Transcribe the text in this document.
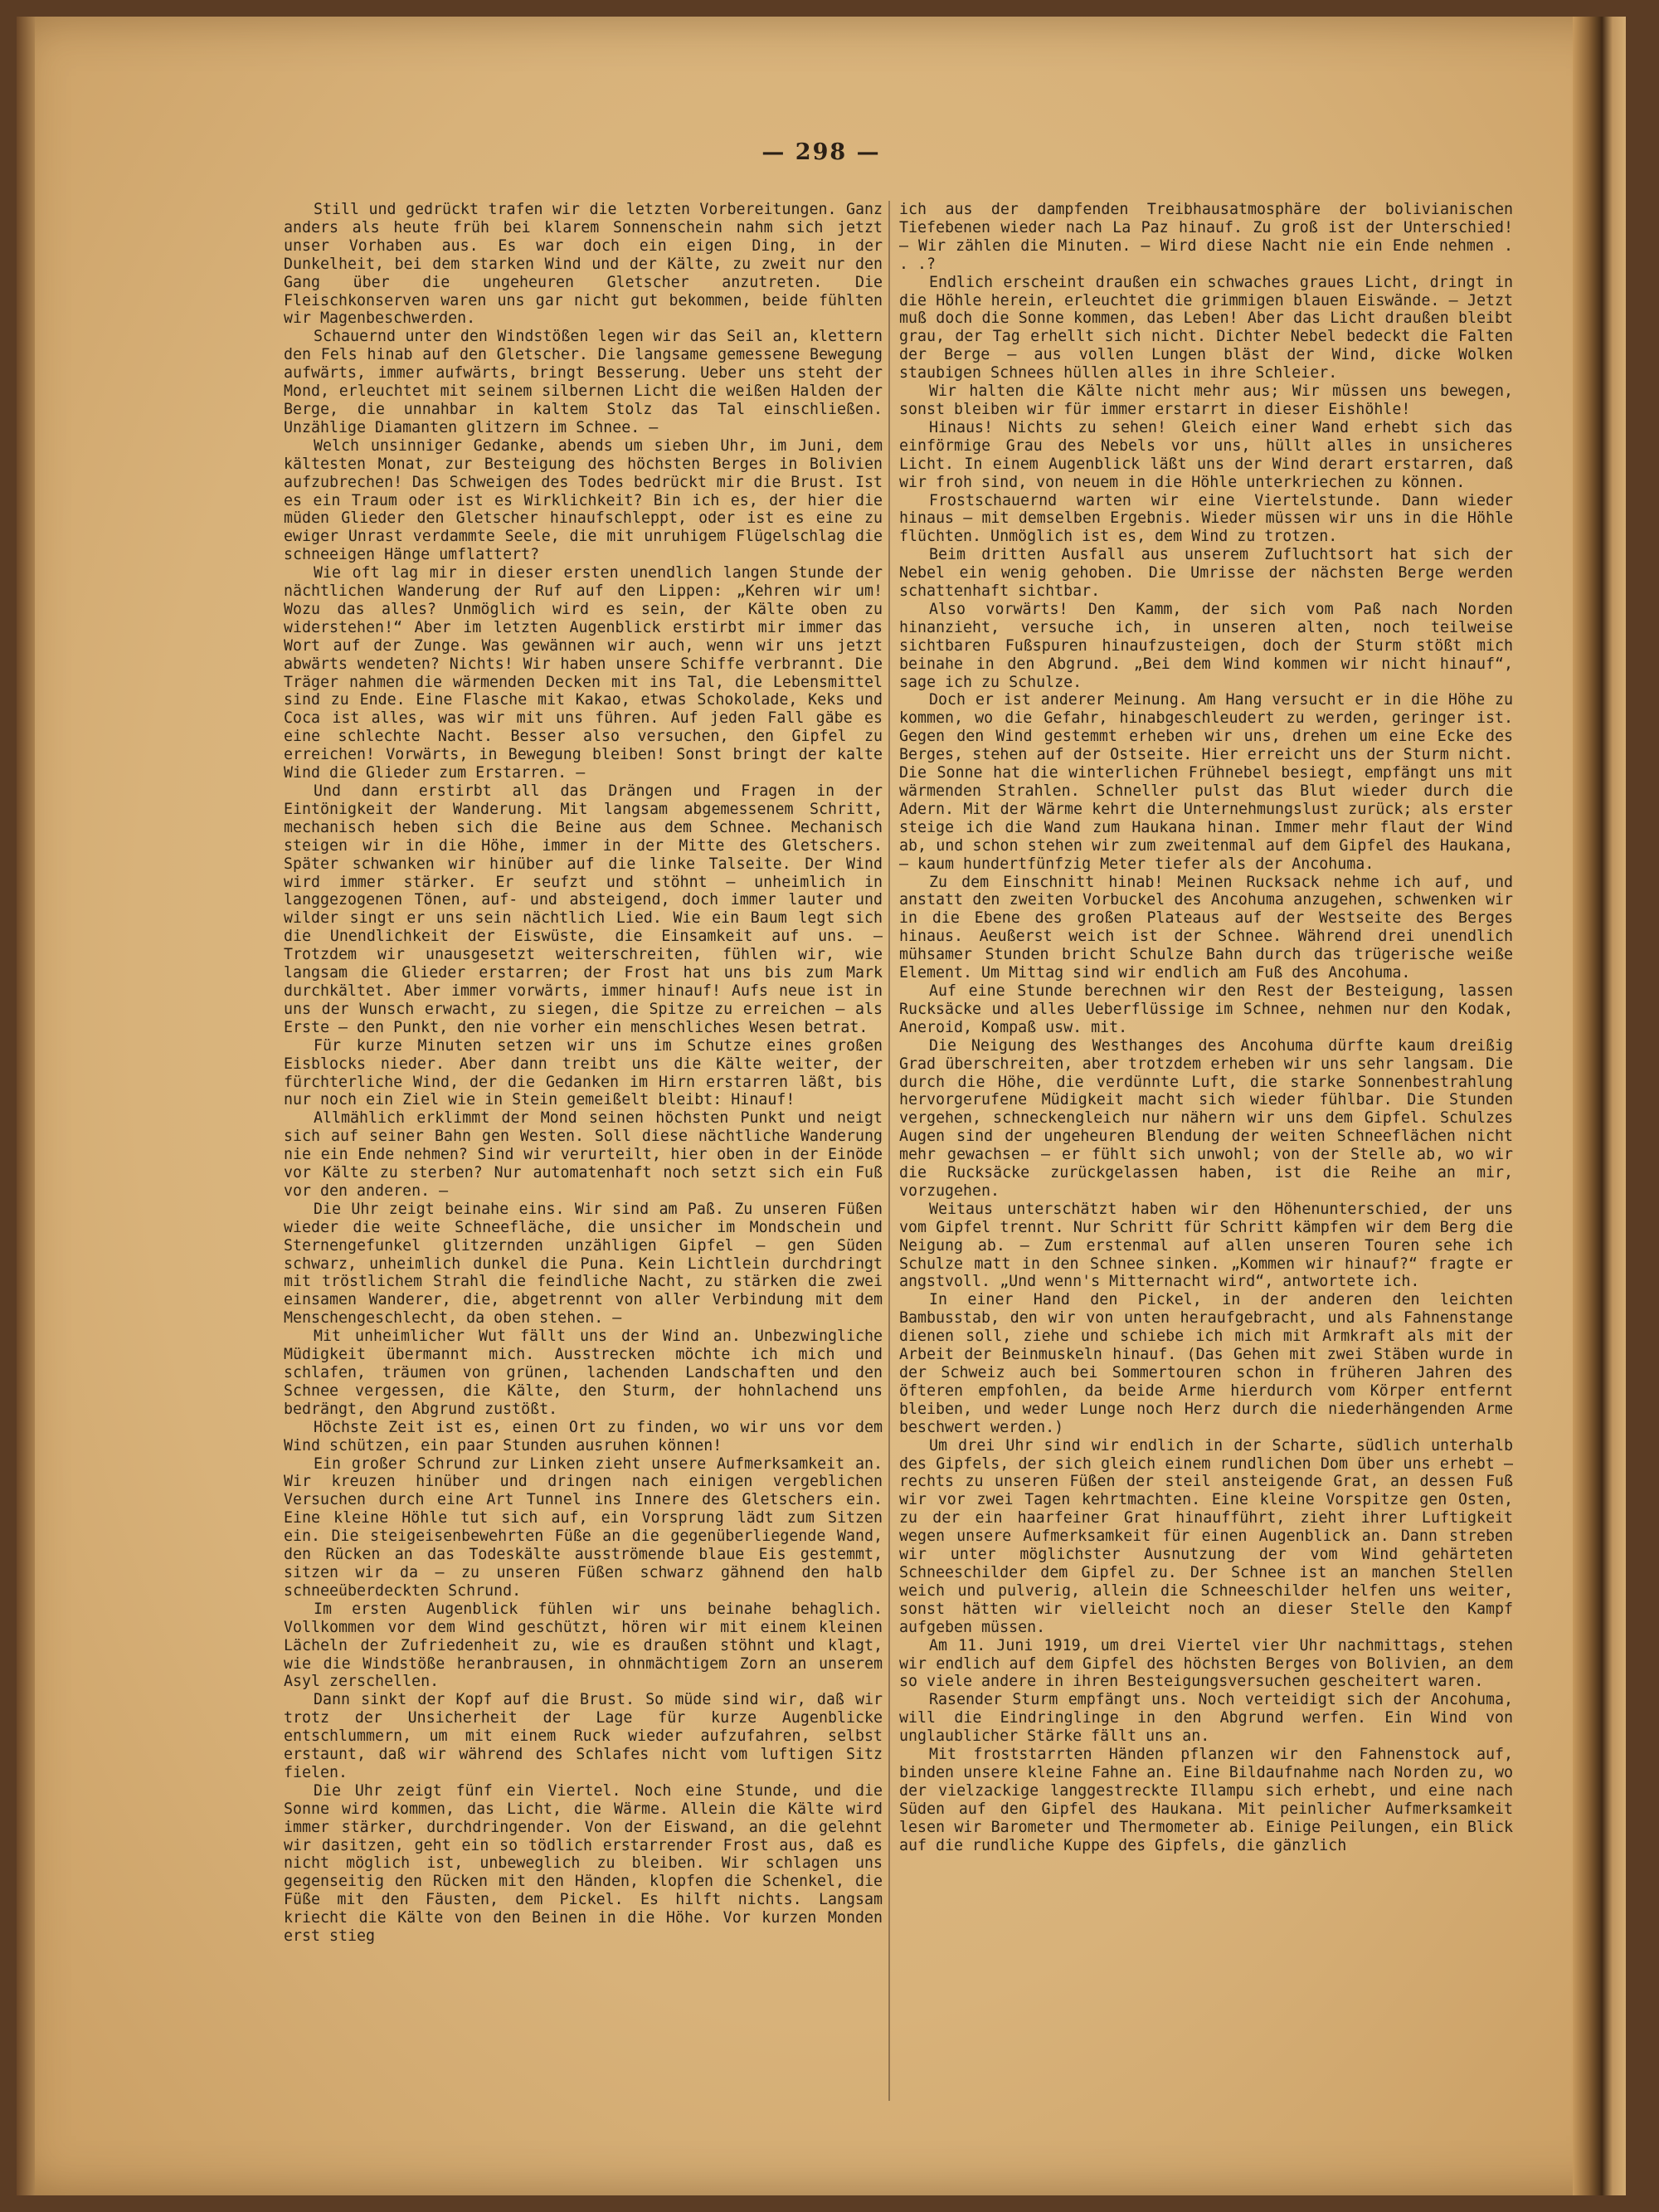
— 298 —

Still und gedrückt trafen wir die letzten Vorbereitungen. Ganz anders als heute früh bei klarem Sonnenschein nahm sich jetzt unser Vorhaben aus. Es war doch ein eigen Ding, in der Dunkelheit, bei dem starken Wind und der Kälte, zu zweit nur den Gang über die ungeheuren Gletscher anzutreten. Die Fleischkonserven waren uns gar nicht gut bekommen, beide fühlten wir Magenbeschwerden.

Schauernd unter den Windstößen legen wir das Seil an, klettern den Fels hinab auf den Gletscher. Die langsame gemessene Bewegung aufwärts, immer aufwärts, bringt Besserung. Ueber uns steht der Mond, erleuchtet mit seinem silbernen Licht die weißen Halden der Berge, die unnahbar in kaltem Stolz das Tal einschließen. Unzählige Diamanten glitzern im Schnee. —

Welch unsinniger Gedanke, abends um sieben Uhr, im Juni, dem kältesten Monat, zur Besteigung des höchsten Berges in Bolivien aufzubrechen! Das Schweigen des Todes bedrückt mir die Brust. Ist es ein Traum oder ist es Wirklichkeit? Bin ich es, der hier die müden Glieder den Gletscher hinaufschleppt, oder ist es eine zu ewiger Unrast verdammte Seele, die mit unruhigem Flügelschlag die schneeigen Hänge umflattert?

Wie oft lag mir in dieser ersten unendlich langen Stunde der nächtlichen Wanderung der Ruf auf den Lippen: „Kehren wir um! Wozu das alles? Unmöglich wird es sein, der Kälte oben zu widerstehen!“ Aber im letzten Augenblick erstirbt mir immer das Wort auf der Zunge. Was gewännen wir auch, wenn wir uns jetzt abwärts wendeten? Nichts! Wir haben unsere Schiffe verbrannt. Die Träger nahmen die wärmenden Decken mit ins Tal, die Lebensmittel sind zu Ende. Eine Flasche mit Kakao, etwas Schokolade, Keks und Coca ist alles, was wir mit uns führen. Auf jeden Fall gäbe es eine schlechte Nacht. Besser also versuchen, den Gipfel zu erreichen! Vorwärts, in Bewegung bleiben! Sonst bringt der kalte Wind die Glieder zum Erstarren. —

Und dann erstirbt all das Drängen und Fragen in der Eintönigkeit der Wanderung. Mit langsam abgemessenem Schritt, mechanisch heben sich die Beine aus dem Schnee. Mechanisch steigen wir in die Höhe, immer in der Mitte des Gletschers. Später schwanken wir hinüber auf die linke Talseite. Der Wind wird immer stärker. Er seufzt und stöhnt — unheimlich in langgezogenen Tönen, auf- und absteigend, doch immer lauter und wilder singt er uns sein nächtlich Lied. Wie ein Baum legt sich die Unendlichkeit der Eiswüste, die Einsamkeit auf uns. — Trotzdem wir unausgesetzt weiterschreiten, fühlen wir, wie langsam die Glieder erstarren; der Frost hat uns bis zum Mark durchkältet. Aber immer vorwärts, immer hinauf! Aufs neue ist in uns der Wunsch erwacht, zu siegen, die Spitze zu erreichen — als Erste — den Punkt, den nie vorher ein menschliches Wesen betrat.

Für kurze Minuten setzen wir uns im Schutze eines großen Eisblocks nieder. Aber dann treibt uns die Kälte weiter, der fürchterliche Wind, der die Gedanken im Hirn erstarren läßt, bis nur noch ein Ziel wie in Stein gemeißelt bleibt: Hinauf!

Allmählich erklimmt der Mond seinen höchsten Punkt und neigt sich auf seiner Bahn gen Westen. Soll diese nächtliche Wanderung nie ein Ende nehmen? Sind wir verurteilt, hier oben in der Einöde vor Kälte zu sterben? Nur automatenhaft noch setzt sich ein Fuß vor den anderen. —

Die Uhr zeigt beinahe eins. Wir sind am Paß. Zu unseren Füßen wieder die weite Schneefläche, die unsicher im Mondschein und Sternengefunkel glitzernden unzähligen Gipfel — gen Süden schwarz, unheimlich dunkel die Puna. Kein Lichtlein durchdringt mit tröstlichem Strahl die feindliche Nacht, zu stärken die zwei einsamen Wanderer, die, abgetrennt von aller Verbindung mit dem Menschengeschlecht, da oben stehen. —

Mit unheimlicher Wut fällt uns der Wind an. Unbezwingliche Müdigkeit übermannt mich. Ausstrecken möchte ich mich und schlafen, träumen von grünen, lachenden Landschaften und den Schnee vergessen, die Kälte, den Sturm, der hohnlachend uns bedrängt, den Abgrund zustößt.

Höchste Zeit ist es, einen Ort zu finden, wo wir uns vor dem Wind schützen, ein paar Stunden ausruhen können!

Ein großer Schrund zur Linken zieht unsere Aufmerksamkeit an. Wir kreuzen hinüber und dringen nach einigen vergeblichen Versuchen durch eine Art Tunnel ins Innere des Gletschers ein. Eine kleine Höhle tut sich auf, ein Vorsprung lädt zum Sitzen ein. Die steigeisenbewehrten Füße an die gegenüberliegende Wand, den Rücken an das Todeskälte ausströmende blaue Eis gestemmt, sitzen wir da — zu unseren Füßen schwarz gähnend den halb schneeüberdeckten Schrund.

Im ersten Augenblick fühlen wir uns beinahe behaglich. Vollkommen vor dem Wind geschützt, hören wir mit einem kleinen Lächeln der Zufriedenheit zu, wie es draußen stöhnt und klagt, wie die Windstöße heranbrausen, in ohnmächtigem Zorn an unserem Asyl zerschellen.

Dann sinkt der Kopf auf die Brust. So müde sind wir, daß wir trotz der Unsicherheit der Lage für kurze Augenblicke entschlummern, um mit einem Ruck wieder aufzufahren, selbst erstaunt, daß wir während des Schlafes nicht vom luftigen Sitz fielen.

Die Uhr zeigt fünf ein Viertel. Noch eine Stunde, und die Sonne wird kommen, das Licht, die Wärme. Allein die Kälte wird immer stärker, durchdringender. Von der Eiswand, an die gelehnt wir dasitzen, geht ein so tödlich erstarrender Frost aus, daß es nicht möglich ist, unbeweglich zu bleiben. Wir schlagen uns gegenseitig den Rücken mit den Händen, klopfen die Schenkel, die Füße mit den Fäusten, dem Pickel. Es hilft nichts. Langsam kriecht die Kälte von den Beinen in die Höhe. Vor kurzen Monden erst stieg

ich aus der dampfenden Treibhausatmosphäre der bolivianischen Tiefebenen wieder nach La Paz hinauf. Zu groß ist der Unterschied! — Wir zählen die Minuten. — Wird diese Nacht nie ein Ende nehmen . . .?

Endlich erscheint draußen ein schwaches graues Licht, dringt in die Höhle herein, erleuchtet die grimmigen blauen Eiswände. — Jetzt muß doch die Sonne kommen, das Leben! Aber das Licht draußen bleibt grau, der Tag erhellt sich nicht. Dichter Nebel bedeckt die Falten der Berge — aus vollen Lungen bläst der Wind, dicke Wolken staubigen Schnees hüllen alles in ihre Schleier.

Wir halten die Kälte nicht mehr aus; Wir müssen uns bewegen, sonst bleiben wir für immer erstarrt in dieser Eishöhle!

Hinaus! Nichts zu sehen! Gleich einer Wand erhebt sich das einförmige Grau des Nebels vor uns, hüllt alles in unsicheres Licht. In einem Augenblick läßt uns der Wind derart erstarren, daß wir froh sind, von neuem in die Höhle unterkriechen zu können.

Frostschauernd warten wir eine Viertelstunde. Dann wieder hinaus — mit demselben Ergebnis. Wieder müssen wir uns in die Höhle flüchten. Unmöglich ist es, dem Wind zu trotzen.

Beim dritten Ausfall aus unserem Zufluchtsort hat sich der Nebel ein wenig gehoben. Die Umrisse der nächsten Berge werden schattenhaft sichtbar.

Also vorwärts! Den Kamm, der sich vom Paß nach Norden hinanzieht, versuche ich, in unseren alten, noch teilweise sichtbaren Fußspuren hinaufzusteigen, doch der Sturm stößt mich beinahe in den Abgrund. „Bei dem Wind kommen wir nicht hinauf“, sage ich zu Schulze.

Doch er ist anderer Meinung. Am Hang versucht er in die Höhe zu kommen, wo die Gefahr, hinabgeschleudert zu werden, geringer ist. Gegen den Wind gestemmt erheben wir uns, drehen um eine Ecke des Berges, stehen auf der Ostseite. Hier erreicht uns der Sturm nicht. Die Sonne hat die winterlichen Frühnebel besiegt, empfängt uns mit wärmenden Strahlen. Schneller pulst das Blut wieder durch die Adern. Mit der Wärme kehrt die Unternehmungslust zurück; als erster steige ich die Wand zum Haukana hinan. Immer mehr flaut der Wind ab, und schon stehen wir zum zweitenmal auf dem Gipfel des Haukana, — kaum hundertfünfzig Meter tiefer als der Ancohuma.

Zu dem Einschnitt hinab! Meinen Rucksack nehme ich auf, und anstatt den zweiten Vorbuckel des Ancohuma anzugehen, schwenken wir in die Ebene des großen Plateaus auf der Westseite des Berges hinaus. Aeußerst weich ist der Schnee. Während drei unendlich mühsamer Stunden bricht Schulze Bahn durch das trügerische weiße Element. Um Mittag sind wir endlich am Fuß des Ancohuma.

Auf eine Stunde berechnen wir den Rest der Besteigung, lassen Rucksäcke und alles Ueberflüssige im Schnee, nehmen nur den Kodak, Aneroid, Kompaß usw. mit.

Die Neigung des Westhanges des Ancohuma dürfte kaum dreißig Grad überschreiten, aber trotzdem erheben wir uns sehr langsam. Die durch die Höhe, die verdünnte Luft, die starke Sonnenbestrahlung hervorgerufene Müdigkeit macht sich wieder fühlbar. Die Stunden vergehen, schneckengleich nur nähern wir uns dem Gipfel. Schulzes Augen sind der ungeheuren Blendung der weiten Schneeflächen nicht mehr gewachsen — er fühlt sich unwohl; von der Stelle ab, wo wir die Rucksäcke zurückgelassen haben, ist die Reihe an mir, vorzugehen.

Weitaus unterschätzt haben wir den Höhenunterschied, der uns vom Gipfel trennt. Nur Schritt für Schritt kämpfen wir dem Berg die Neigung ab. — Zum erstenmal auf allen unseren Touren sehe ich Schulze matt in den Schnee sinken. „Kommen wir hinauf?“ fragte er angstvoll. „Und wenn's Mitternacht wird“, antwortete ich.

In einer Hand den Pickel, in der anderen den leichten Bambusstab, den wir von unten heraufgebracht, und als Fahnenstange dienen soll, ziehe und schiebe ich mich mit Armkraft als mit der Arbeit der Beinmuskeln hinauf. (Das Gehen mit zwei Stäben wurde in der Schweiz auch bei Sommertouren schon in früheren Jahren des öfteren empfohlen, da beide Arme hierdurch vom Körper entfernt bleiben, und weder Lunge noch Herz durch die niederhängenden Arme beschwert werden.)

Um drei Uhr sind wir endlich in der Scharte, südlich unterhalb des Gipfels, der sich gleich einem rundlichen Dom über uns erhebt — rechts zu unseren Füßen der steil ansteigende Grat, an dessen Fuß wir vor zwei Tagen kehrtmachten. Eine kleine Vorspitze gen Osten, zu der ein haarfeiner Grat hinaufführt, zieht ihrer Luftigkeit wegen unsere Aufmerksamkeit für einen Augenblick an. Dann streben wir unter möglichster Ausnutzung der vom Wind gehärteten Schneeschilder dem Gipfel zu. Der Schnee ist an manchen Stellen weich und pulverig, allein die Schneeschilder helfen uns weiter, sonst hätten wir vielleicht noch an dieser Stelle den Kampf aufgeben müssen.

Am 11. Juni 1919, um drei Viertel vier Uhr nachmittags, stehen wir endlich auf dem Gipfel des höchsten Berges von Bolivien, an dem so viele andere in ihren Besteigungsversuchen gescheitert waren.

Rasender Sturm empfängt uns. Noch verteidigt sich der Ancohuma, will die Eindringlinge in den Abgrund werfen. Ein Wind von unglaublicher Stärke fällt uns an.

Mit froststarrten Händen pflanzen wir den Fahnenstock auf, binden unsere kleine Fahne an. Eine Bildaufnahme nach Norden zu, wo der vielzackige langgestreckte Illampu sich erhebt, und eine nach Süden auf den Gipfel des Haukana. Mit peinlicher Aufmerksamkeit lesen wir Barometer und Thermometer ab. Einige Peilungen, ein Blick auf die rundliche Kuppe des Gipfels, die gänzlich
